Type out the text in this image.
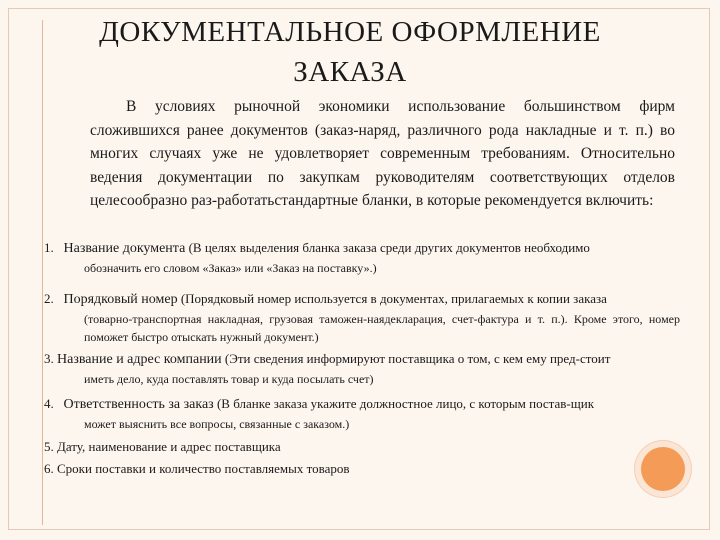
ДОКУМЕНТАЛЬНОЕ ОФОРМЛЕНИЕ
ЗАКАЗА

В условиях рыночной экономики использование большинством фирм сложившихся ранее документов (заказ-наряд, различного рода накладные и т. п.) во многих случаях уже не удовлетворяет современным требованиям. Относительно ведения документации по закупкам руководителям соответствующих отделов целесообразно раз-работатьстандартные бланки, в которые рекомендуется включить:

1. Название документа (В целях выделения бланка заказа среди других документов необходимо
обозначить его словом «Заказ» или «Заказ на поставку».)
2. Порядковый номер (Порядковый номер используется в документах, прилагаемых к копии заказа
(товарно-транспортная накладная, грузовая таможен-наядекларация, счет-фактура и т. п.). Кроме этого, номер поможет быстро отыскать нужный документ.)
3. Название и адрес компании (Эти сведения информируют поставщика о том, с кем ему пред-стоит
иметь дело, куда поставлять товар и куда посылать счет)
4. Ответственность за заказ (В бланке заказа укажите должностное лицо, с которым постав-щик
может выяснить все вопросы, связанные с заказом.)
5. Дату, наименование и адрес поставщика
6. Сроки поставки и количество поставляемых товаров
